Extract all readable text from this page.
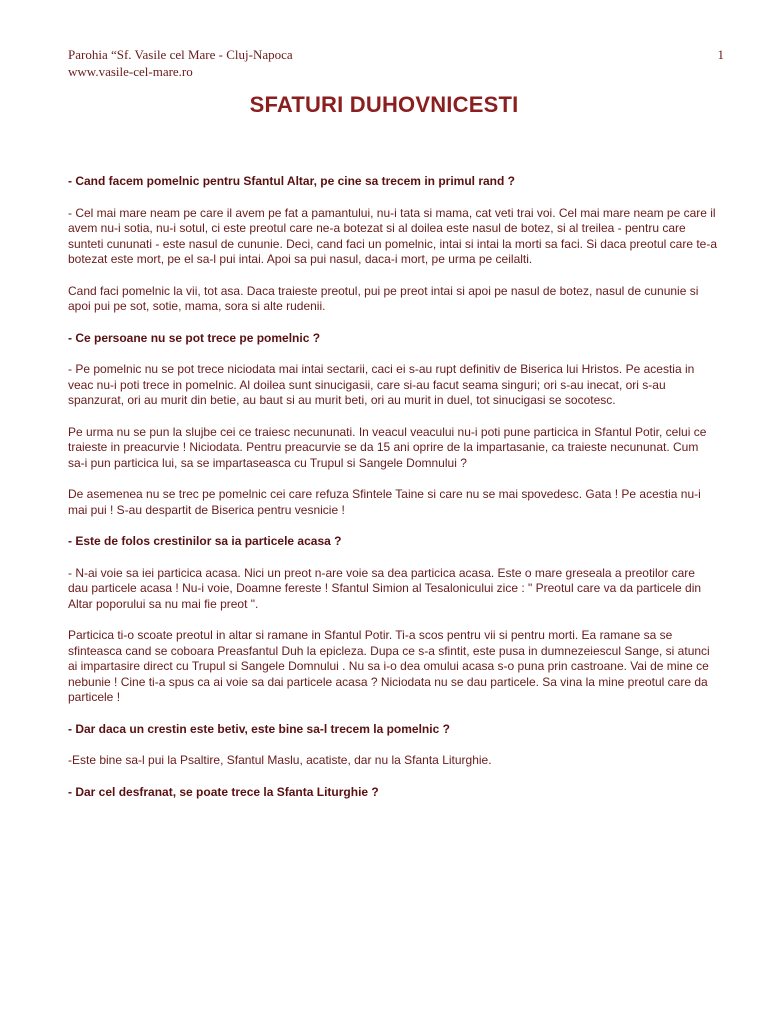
Parohia “Sf. Vasile cel Mare - Cluj-Napoca
www.vasile-cel-mare.ro
1
SFATURI DUHOVNICESTI

- Cand facem pomelnic pentru Sfantul Altar, pe cine sa trecem in primul rand ?

- Cel mai mare neam pe care il avem pe fat a pamantului, nu-i tata si mama, cat veti trai voi. Cel mai mare neam pe care il avem nu-i sotia, nu-i sotul, ci este preotul care ne-a botezat si al doilea este nasul de botez, si al treilea - pentru care sunteti cununati - este nasul de cununie. Deci, cand faci un pomelnic, intai si intai la morti sa faci. Si daca preotul care te-a botezat este mort, pe el sa-l pui intai. Apoi sa pui nasul, daca-i mort, pe urma pe ceilalti.

Cand faci pomelnic la vii, tot asa. Daca traieste preotul, pui pe preot intai si apoi pe nasul de botez, nasul de cununie si apoi pui pe sot, sotie, mama, sora si alte rudenii.

- Ce persoane nu se pot trece pe pomelnic ?

- Pe pomelnic nu se pot trece niciodata mai intai sectarii, caci ei s-au rupt definitiv de Biserica lui Hristos. Pe acestia in veac nu-i poti trece in pomelnic. Al doilea sunt sinucigasii, care si-au facut seama singuri; ori s-au inecat, ori s-au spanzurat, ori au murit din betie, au baut si au murit beti, ori au murit in duel, tot sinucigasi se socotesc.

Pe urma nu se pun la slujbe cei ce traiesc necununati. In veacul veacului nu-i poti pune particica in Sfantul Potir, celui ce traieste in preacurvie ! Niciodata. Pentru preacurvie se da 15 ani oprire de la impartasanie, ca traieste necununat. Cum sa-i pun particica lui, sa se impartaseasca cu Trupul si Sangele Domnului ?

De asemenea nu se trec pe pomelnic cei care refuza Sfintele Taine si care nu se mai spovedesc. Gata ! Pe acestia nu-i mai pui ! S-au despartit de Biserica pentru vesnicie !

- Este de folos crestinilor sa ia particele acasa ?

- N-ai voie sa iei particica acasa. Nici un preot n-are voie sa dea particica acasa. Este o mare greseala a preotilor care dau particele acasa ! Nu-i voie, Doamne fereste ! Sfantul Simion al Tesalonicului zice : " Preotul care va da particele din Altar poporului sa nu mai fie preot ".

Particica ti-o scoate preotul in altar si ramane in Sfantul Potir. Ti-a scos pentru vii si pentru morti. Ea ramane sa se sfinteasca cand se coboara Preasfantul Duh la epicleza. Dupa ce s-a sfintit, este pusa in dumnezeiescul Sange, si atunci ai impartasire direct cu Trupul si Sangele Domnului . Nu sa i-o dea omului acasa s-o puna prin castroane. Vai de mine ce nebunie ! Cine ti-a spus ca ai voie sa dai particele acasa ? Niciodata nu se dau particele. Sa vina la mine preotul care da particele !

- Dar daca un crestin este betiv, este bine sa-l trecem la pomelnic ?

-Este bine sa-l pui la Psaltire, Sfantul Maslu, acatiste, dar nu la Sfanta Liturghie.

- Dar cel desfranat, se poate trece la Sfanta Liturghie ?
